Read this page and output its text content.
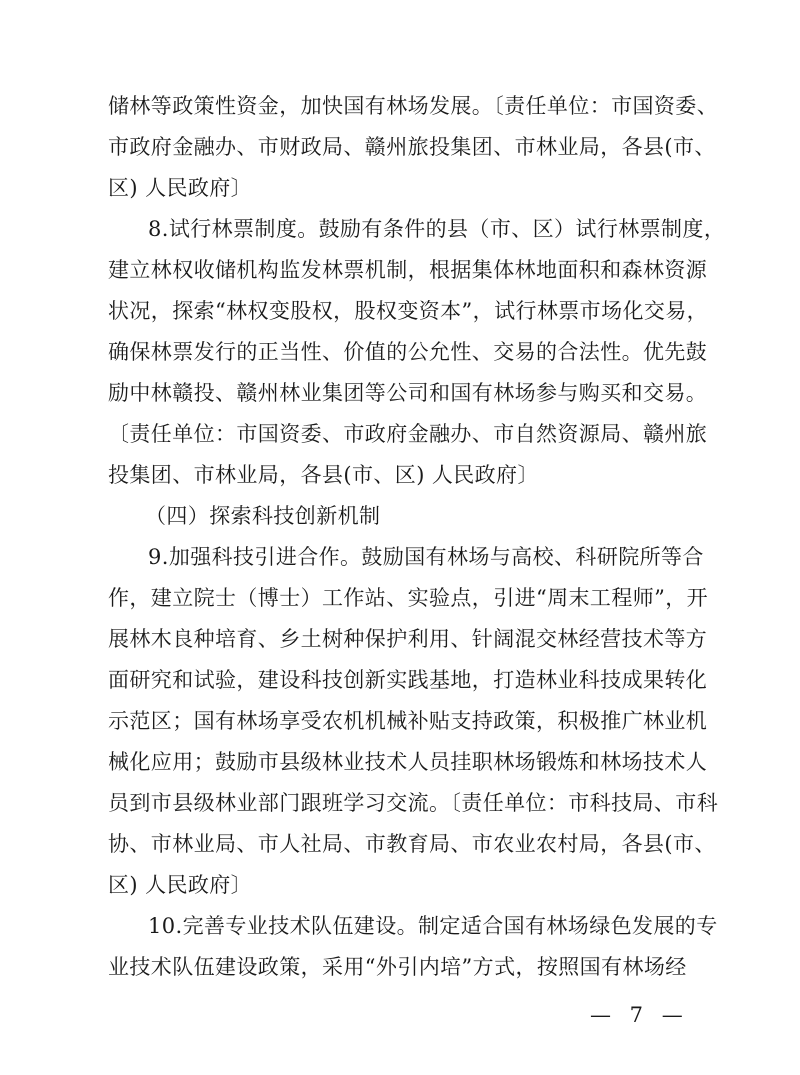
储林等政策性资金，加快国有林场发展。〔责任单位：市国资委、
市政府金融办、市财政局、赣州旅投集团、市林业局，各县(市、
区) 人民政府〕
8.试行林票制度。鼓励有条件的县（市、区）试行林票制度，
建立林权收储机构监发林票机制，根据集体林地面积和森林资源
状况，探索“林权变股权，股权变资本”，试行林票市场化交易，
确保林票发行的正当性、价值的公允性、交易的合法性。优先鼓
励中林赣投、赣州林业集团等公司和国有林场参与购买和交易。
〔责任单位：市国资委、市政府金融办、市自然资源局、赣州旅
投集团、市林业局，各县(市、区) 人民政府〕
（四）探索科技创新机制
9.加强科技引进合作。鼓励国有林场与高校、科研院所等合
作，建立院士（博士）工作站、实验点，引进“周末工程师”，开
展林木良种培育、乡土树种保护利用、针阔混交林经营技术等方
面研究和试验，建设科技创新实践基地，打造林业科技成果转化
示范区；国有林场享受农机机械补贴支持政策，积极推广林业机
械化应用；鼓励市县级林业技术人员挂职林场锻炼和林场技术人
员到市县级林业部门跟班学习交流。〔责任单位：市科技局、市科
协、市林业局、市人社局、市教育局、市农业农村局，各县(市、
区) 人民政府〕
10.完善专业技术队伍建设。制定适合国有林场绿色发展的专
业技术队伍建设政策，采用“外引内培”方式，按照国有林场经
— 7 —
